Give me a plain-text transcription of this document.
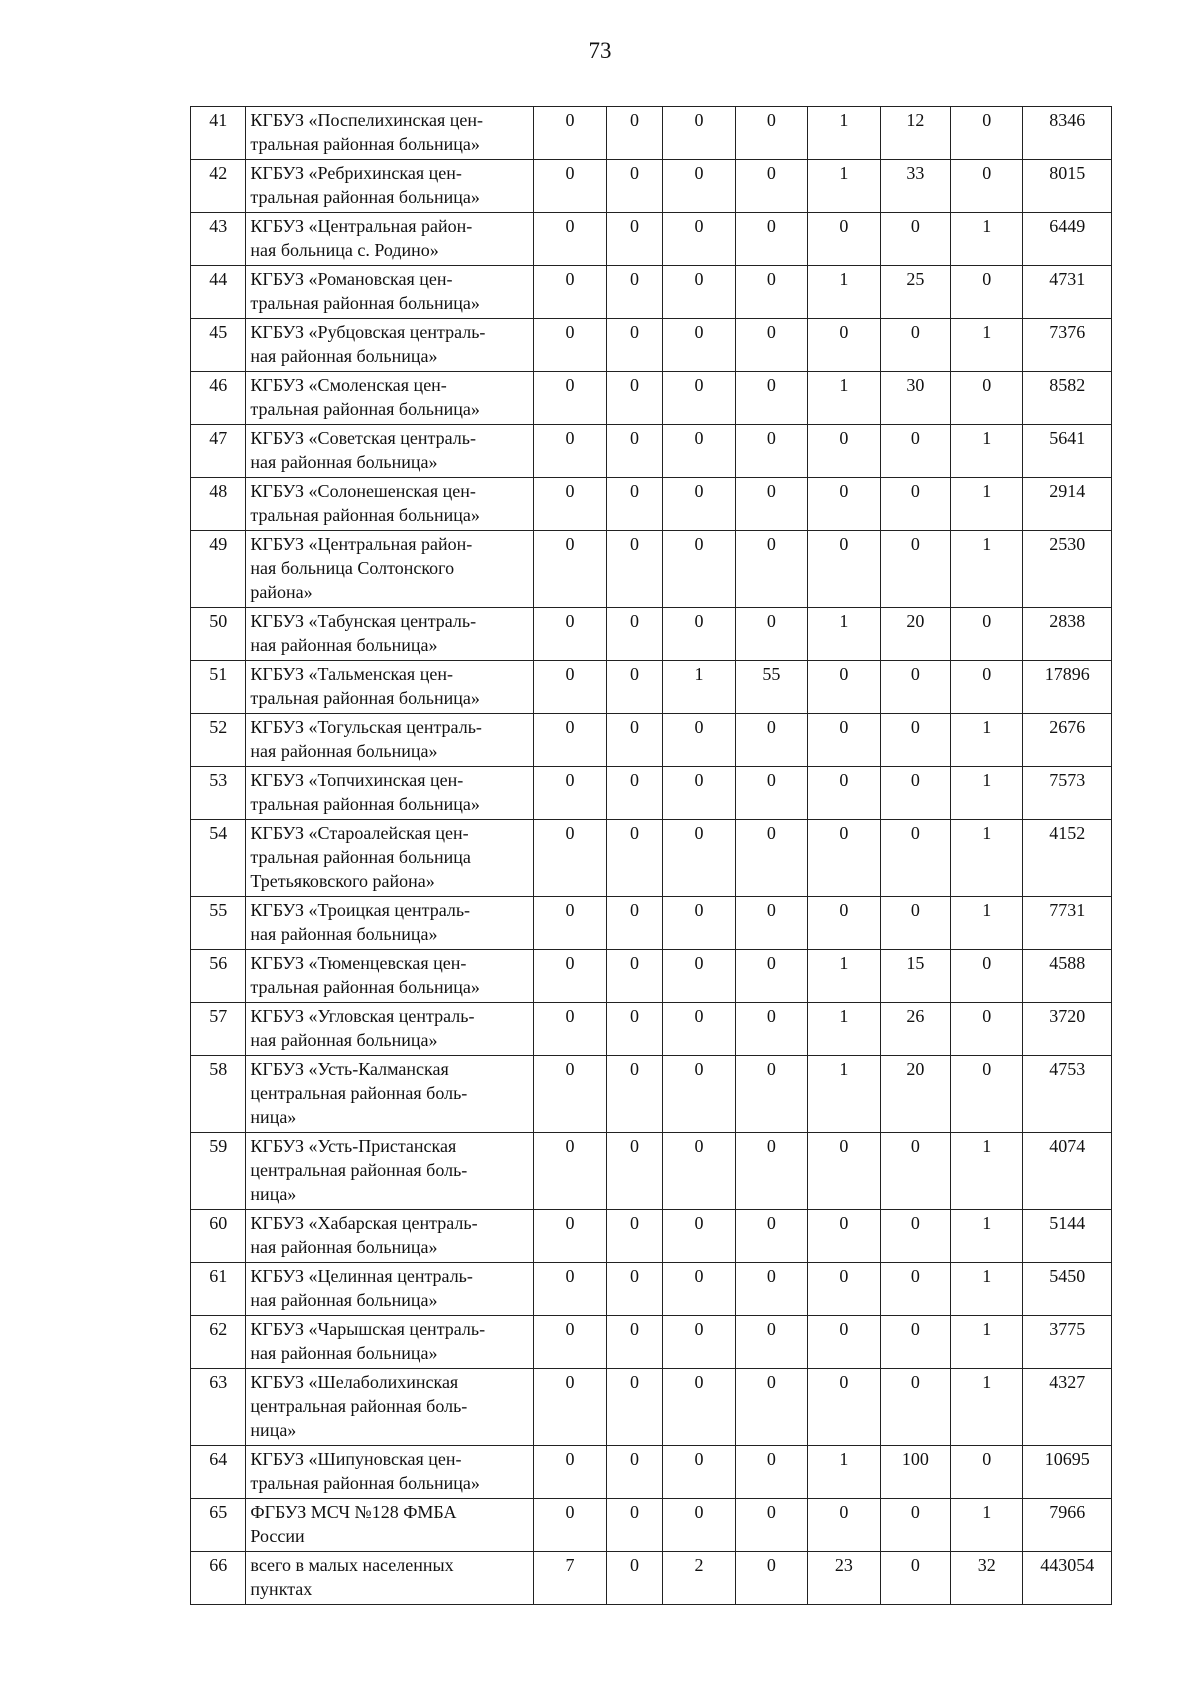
73
41	КГБУЗ «Поспелихинская цен-
тральная районная больница»	0	0	0	0	1	12	0	8346
42	КГБУЗ «Ребрихинская цен-
тральная районная больница»	0	0	0	0	1	33	0	8015
43	КГБУЗ «Центральная район-
ная больница с. Родино»	0	0	0	0	0	0	1	6449
44	КГБУЗ «Романовская цен-
тральная районная больница»	0	0	0	0	1	25	0	4731
45	КГБУЗ «Рубцовская централь-
ная районная больница»	0	0	0	0	0	0	1	7376
46	КГБУЗ «Смоленская цен-
тральная районная больница»	0	0	0	0	1	30	0	8582
47	КГБУЗ «Советская централь-
ная районная больница»	0	0	0	0	0	0	1	5641
48	КГБУЗ «Солонешенская цен-
тральная районная больница»	0	0	0	0	0	0	1	2914
49	КГБУЗ «Центральная район-
ная больница Солтонского
района»	0	0	0	0	0	0	1	2530
50	КГБУЗ «Табунская централь-
ная районная больница»	0	0	0	0	1	20	0	2838
51	КГБУЗ «Тальменская цен-
тральная районная больница»	0	0	1	55	0	0	0	17896
52	КГБУЗ «Тогульская централь-
ная районная больница»	0	0	0	0	0	0	1	2676
53	КГБУЗ «Топчихинская цен-
тральная районная больница»	0	0	0	0	0	0	1	7573
54	КГБУЗ «Староалейская цен-
тральная районная больница
Третьяковского района»	0	0	0	0	0	0	1	4152
55	КГБУЗ «Троицкая централь-
ная районная больница»	0	0	0	0	0	0	1	7731
56	КГБУЗ «Тюменцевская цен-
тральная районная больница»	0	0	0	0	1	15	0	4588
57	КГБУЗ «Угловская централь-
ная районная больница»	0	0	0	0	1	26	0	3720
58	КГБУЗ «Усть-Калманская
центральная районная боль-
ница»	0	0	0	0	1	20	0	4753
59	КГБУЗ «Усть-Пристанская
центральная районная боль-
ница»	0	0	0	0	0	0	1	4074
60	КГБУЗ «Хабарская централь-
ная районная больница»	0	0	0	0	0	0	1	5144
61	КГБУЗ «Целинная централь-
ная районная больница»	0	0	0	0	0	0	1	5450
62	КГБУЗ «Чарышская централь-
ная районная больница»	0	0	0	0	0	0	1	3775
63	КГБУЗ «Шелаболихинская
центральная районная боль-
ница»	0	0	0	0	0	0	1	4327
64	КГБУЗ «Шипуновская цен-
тральная районная больница»	0	0	0	0	1	100	0	10695
65	ФГБУЗ МСЧ №128 ФМБА
России	0	0	0	0	0	0	1	7966
66	всего в малых населенных
пунктах	7	0	2	0	23	0	32	443054
